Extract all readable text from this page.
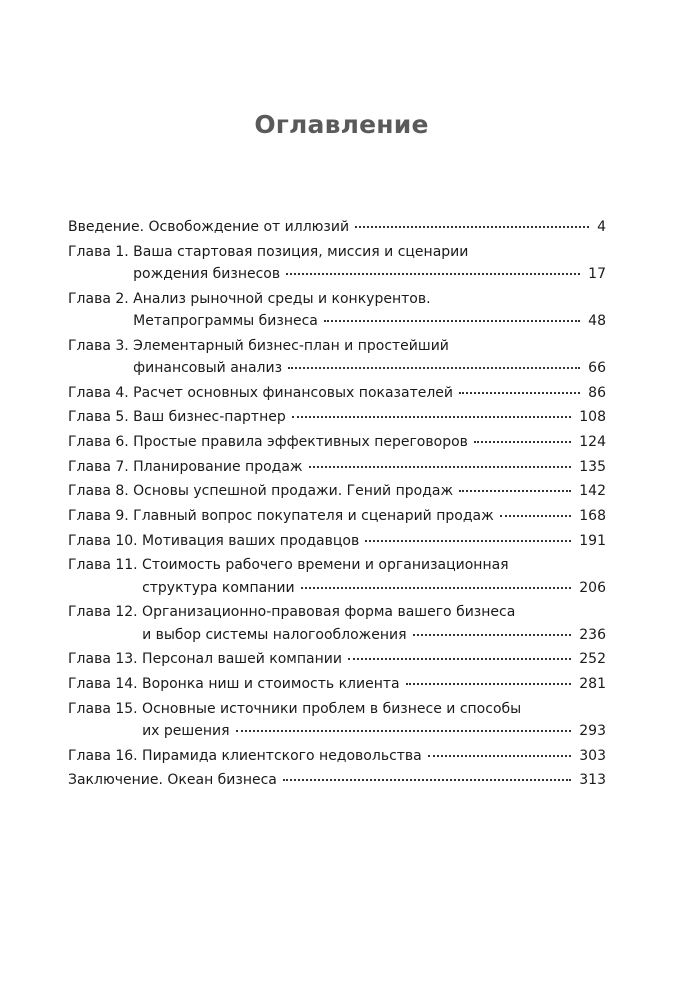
Оглавление
Введение. Освобождение от иллюзий	4
Глава 1. Ваша стартовая позиция, миссия и сценарии
рождения бизнесов	17
Глава 2. Анализ рыночной среды и конкурентов.
Метапрограммы бизнеса	48
Глава 3. Элементарный бизнес-план и простейший
финансовый анализ	66
Глава 4. Расчет основных финансовых показателей	86
Глава 5. Ваш бизнес-партнер	108
Глава 6. Простые правила эффективных переговоров	124
Глава 7. Планирование продаж	135
Глава 8. Основы успешной продажи. Гений продаж	142
Глава 9. Главный вопрос покупателя и сценарий продаж	168
Глава 10. Мотивация ваших продавцов	191
Глава 11. Стоимость рабочего времени и организационная
структура компании	206
Глава 12. Организационно-правовая форма вашего бизнеса
и выбор системы налогообложения	236
Глава 13. Персонал вашей компании	252
Глава 14. Воронка ниш и стоимость клиента	281
Глава 15. Основные источники проблем в бизнесе и способы
их решения	293
Глава 16. Пирамида клиентского недовольства	303
Заключение. Океан бизнеса	313
